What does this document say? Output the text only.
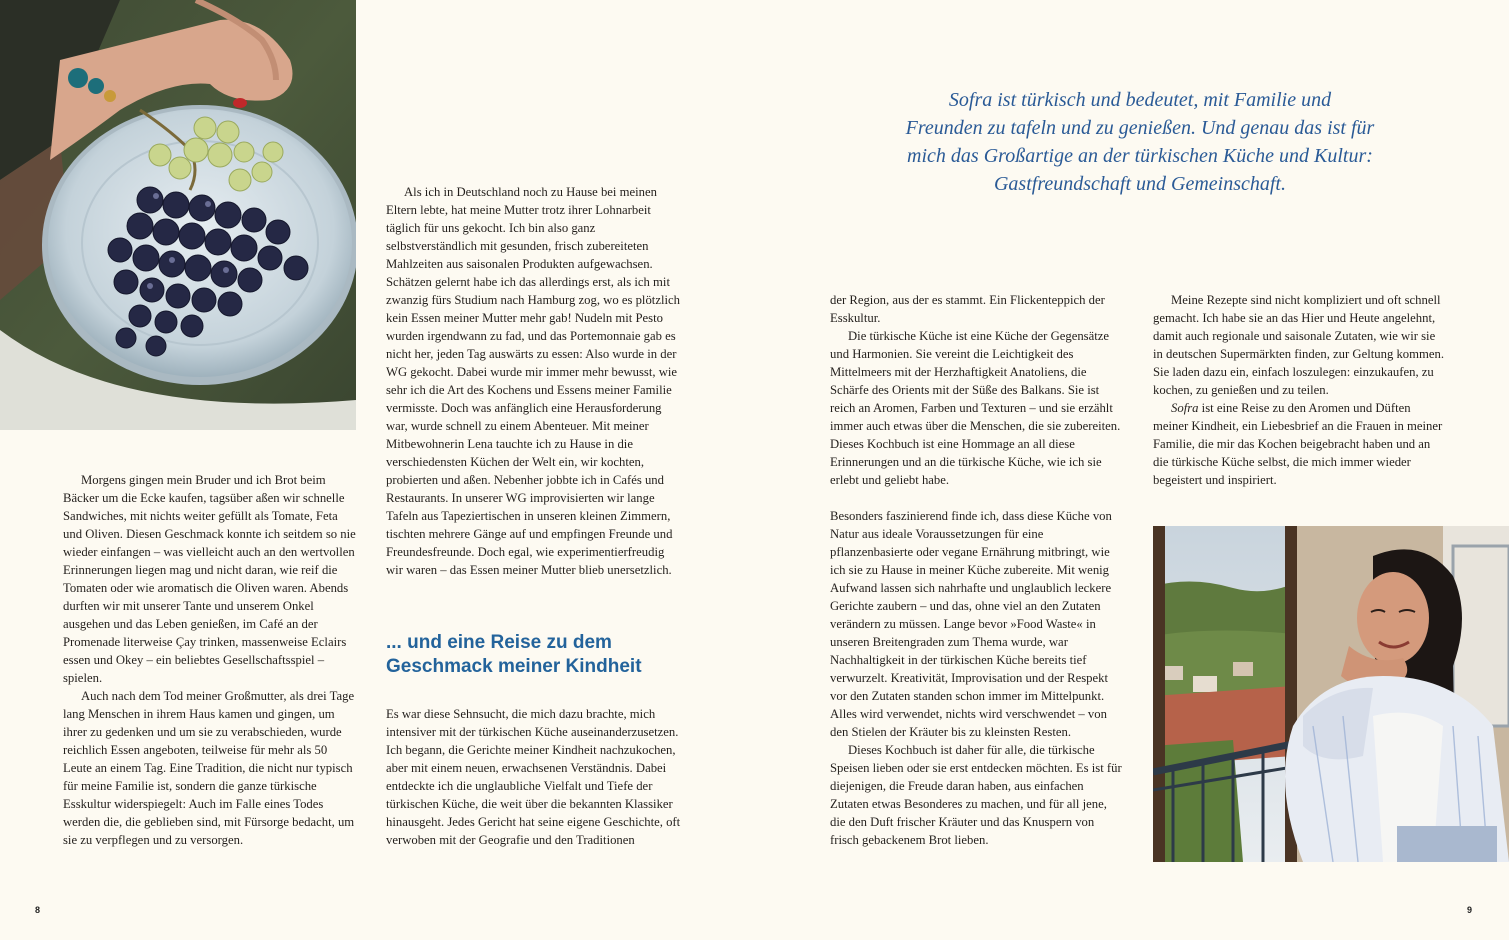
Morgens gingen mein Bruder und ich Brot beim Bäcker um die Ecke kaufen, tagsüber aßen wir schnelle Sandwiches, mit nichts weiter gefüllt als Tomate, Feta und Oliven. Diesen Geschmack konnte ich seitdem so nie wieder einfangen – was vielleicht auch an den wertvollen Erinnerungen liegen mag und nicht daran, wie reif die Tomaten oder wie aromatisch die Oliven waren. Abends durften wir mit unserer Tante und unserem Onkel ausgehen und das Leben genießen, im Café an der Promenade literweise Çay trinken, massenweise Eclairs essen und Okey – ein beliebtes Gesellschaftsspiel – spielen.

Auch nach dem Tod meiner Großmutter, als drei Tage lang Menschen in ihrem Haus kamen und gingen, um ihrer zu gedenken und um sie zu verabschieden, wurde reichlich Essen angeboten, teilweise für mehr als 50 Leute an einem Tag. Eine Tradition, die nicht nur typisch für meine Familie ist, sondern die ganze türkische Esskultur widerspiegelt: Auch im Falle eines Todes werden die, die geblieben sind, mit Fürsorge bedacht, um sie zu verpflegen und zu versorgen.

Als ich in Deutschland noch zu Hause bei meinen Eltern lebte, hat meine Mutter trotz ihrer Lohnarbeit täglich für uns gekocht. Ich bin also ganz selbstverständlich mit gesunden, frisch zubereiteten Mahlzeiten aus saisonalen Produkten aufgewachsen. Schätzen gelernt habe ich das allerdings erst, als ich mit zwanzig fürs Studium nach Hamburg zog, wo es plötzlich kein Essen meiner Mutter mehr gab! Nudeln mit Pesto wurden irgendwann zu fad, und das Portemonnaie gab es nicht her, jeden Tag auswärts zu essen: Also wurde in der WG gekocht. Dabei wurde mir immer mehr bewusst, wie sehr ich die Art des Kochens und Essens meiner Familie vermisste. Doch was anfänglich eine Herausforderung war, wurde schnell zu einem Abenteuer. Mit meiner Mitbewohnerin Lena tauchte ich zu Hause in die verschiedensten Küchen der Welt ein, wir kochten, probierten und aßen. Nebenher jobbte ich in Cafés und Restaurants. In unserer WG improvisierten wir lange Tafeln aus Tapeziertischen in unseren kleinen Zimmern, tischten mehrere Gänge auf und empfingen Freunde und Freundesfreunde. Doch egal, wie experimentierfreudig wir waren – das Essen meiner Mutter blieb unersetzlich.

... und eine Reise zu dem
Geschmack meiner Kindheit

Es war diese Sehnsucht, die mich dazu brachte, mich intensiver mit der türkischen Küche auseinanderzusetzen. Ich begann, die Gerichte meiner Kindheit nachzukochen, aber mit einem neuen, erwachsenen Verständnis. Dabei entdeckte ich die unglaubliche Vielfalt und Tiefe der türkischen Küche, die weit über die bekannten Klassiker hinausgeht. Jedes Gericht hat seine eigene Geschichte, oft verwoben mit der Geografie und den Traditionen

8
Sofra ist türkisch und bedeutet, mit Familie und
Freunden zu tafeln und zu genießen. Und genau das ist für
mich das Großartige an der türkischen Küche und Kultur:
Gastfreundschaft und Gemeinschaft.

der Region, aus der es stammt. Ein Flickenteppich der Esskultur.

Die türkische Küche ist eine Küche der Gegensätze und Harmonien. Sie vereint die Leichtigkeit des Mittelmeers mit der Herzhaftigkeit Anatoliens, die Schärfe des Orients mit der Süße des Balkans. Sie ist reich an Aromen, Farben und Texturen – und sie erzählt immer auch etwas über die Menschen, die sie zubereiten. Dieses Kochbuch ist eine Hommage an all diese Erinnerungen und an die türkische Küche, wie ich sie erlebt und geliebt habe.

Besonders faszinierend finde ich, dass diese Küche von Natur aus ideale Voraussetzungen für eine pflanzenbasierte oder vegane Ernährung mitbringt, wie ich sie zu Hause in meiner Küche zubereite. Mit wenig Aufwand lassen sich nahrhafte und unglaublich leckere Gerichte zaubern – und das, ohne viel an den Zutaten verändern zu müssen. Lange bevor »Food Waste« in unseren Breitengraden zum Thema wurde, war Nachhaltigkeit in der türkischen Küche bereits tief verwurzelt. Kreativität, Improvisation und der Respekt vor den Zutaten standen schon immer im Mittelpunkt. Alles wird verwendet, nichts wird verschwendet – von den Stielen der Kräuter bis zu kleinsten Resten.

Dieses Kochbuch ist daher für alle, die türkische Speisen lieben oder sie erst entdecken möchten. Es ist für diejenigen, die Freude daran haben, aus einfachen Zutaten etwas Besonderes zu machen, und für all jene, die den Duft frischer Kräuter und das Knuspern von frisch gebackenem Brot lieben.

Meine Rezepte sind nicht kompliziert und oft schnell gemacht. Ich habe sie an das Hier und Heute angelehnt, damit auch regionale und saisonale Zutaten, wie wir sie in deutschen Supermärkten finden, zur Geltung kommen. Sie laden dazu ein, einfach loszulegen: einzukaufen, zu kochen, zu genießen und zu teilen.

Sofra ist eine Reise zu den Aromen und Düften meiner Kindheit, ein Liebesbrief an die Frauen in meiner Familie, die mir das Kochen beigebracht haben und an die türkische Küche selbst, die mich immer wieder begeistert und inspiriert.

9
